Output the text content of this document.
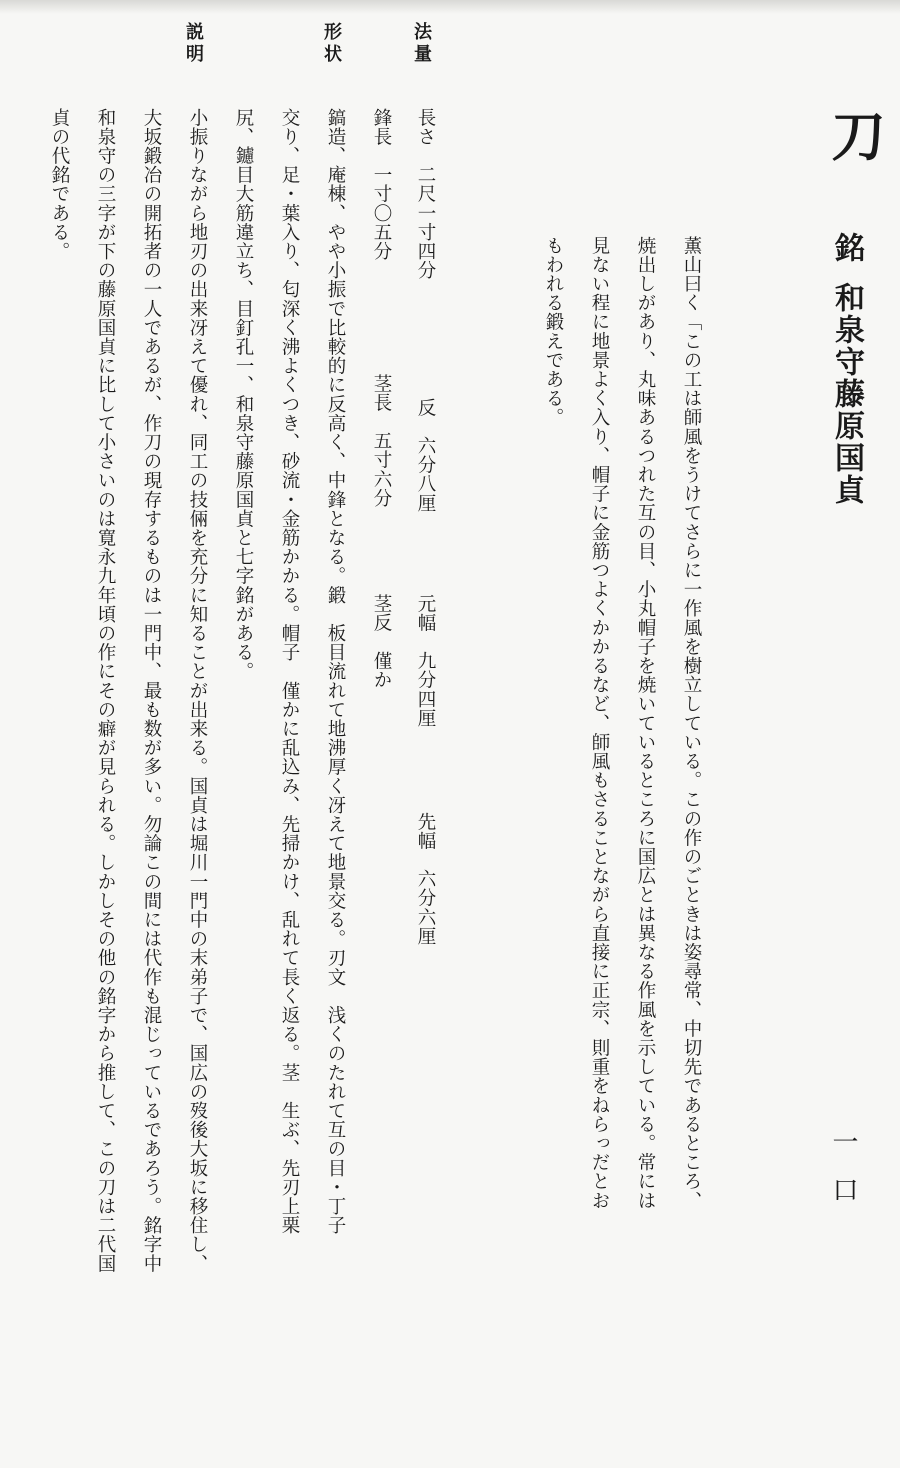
刀
銘
和泉守藤原国貞
一口
薫山曰く「この工は師風をうけてさらに一作風を樹立している。この作のごときは姿尋常、中切先であるところ、
焼出しがあり、丸味あるつれた互の目、小丸帽子を焼いているところに国広とは異なる作風を示している。常には
見ない程に地景よく入り、帽子に金筋つよくかかるなど、師風もさることながら直接に正宗、則重をねらっだとお
もわれる鍛えである。
法量
長さ　二尺一寸四分
反　六分八厘
元幅　九分四厘
先幅　六分六厘
鋒長　一寸〇五分
茎長　五寸六分
茎反　僅か
形状
鎬造、庵棟、やや小振で比較的に反高く、中鋒となる。鍛　板目流れて地沸厚く冴えて地景交る。刃文　浅くのたれて互の目・丁子
交り、足・葉入り、匂深く沸よくつき、砂流・金筋かかる。帽子　僅かに乱込み、先掃かけ、乱れて長く返る。茎　生ぶ、先刃上栗
尻、鑢目大筋違立ち、目釘孔一、和泉守藤原国貞と七字銘がある。
説明
小振りながら地刃の出来冴えて優れ、同工の技倆を充分に知ることが出来る。国貞は堀川一門中の末弟子で、国広の歿後大坂に移住し、
大坂鍛冶の開拓者の一人であるが、作刀の現存するものは一門中、最も数が多い。勿論この間には代作も混じっているであろう。銘字中
和泉守の三字が下の藤原国貞に比して小さいのは寛永九年頃の作にその癖が見られる。しかしその他の銘字から推して、この刀は二代国
貞の代銘である。
